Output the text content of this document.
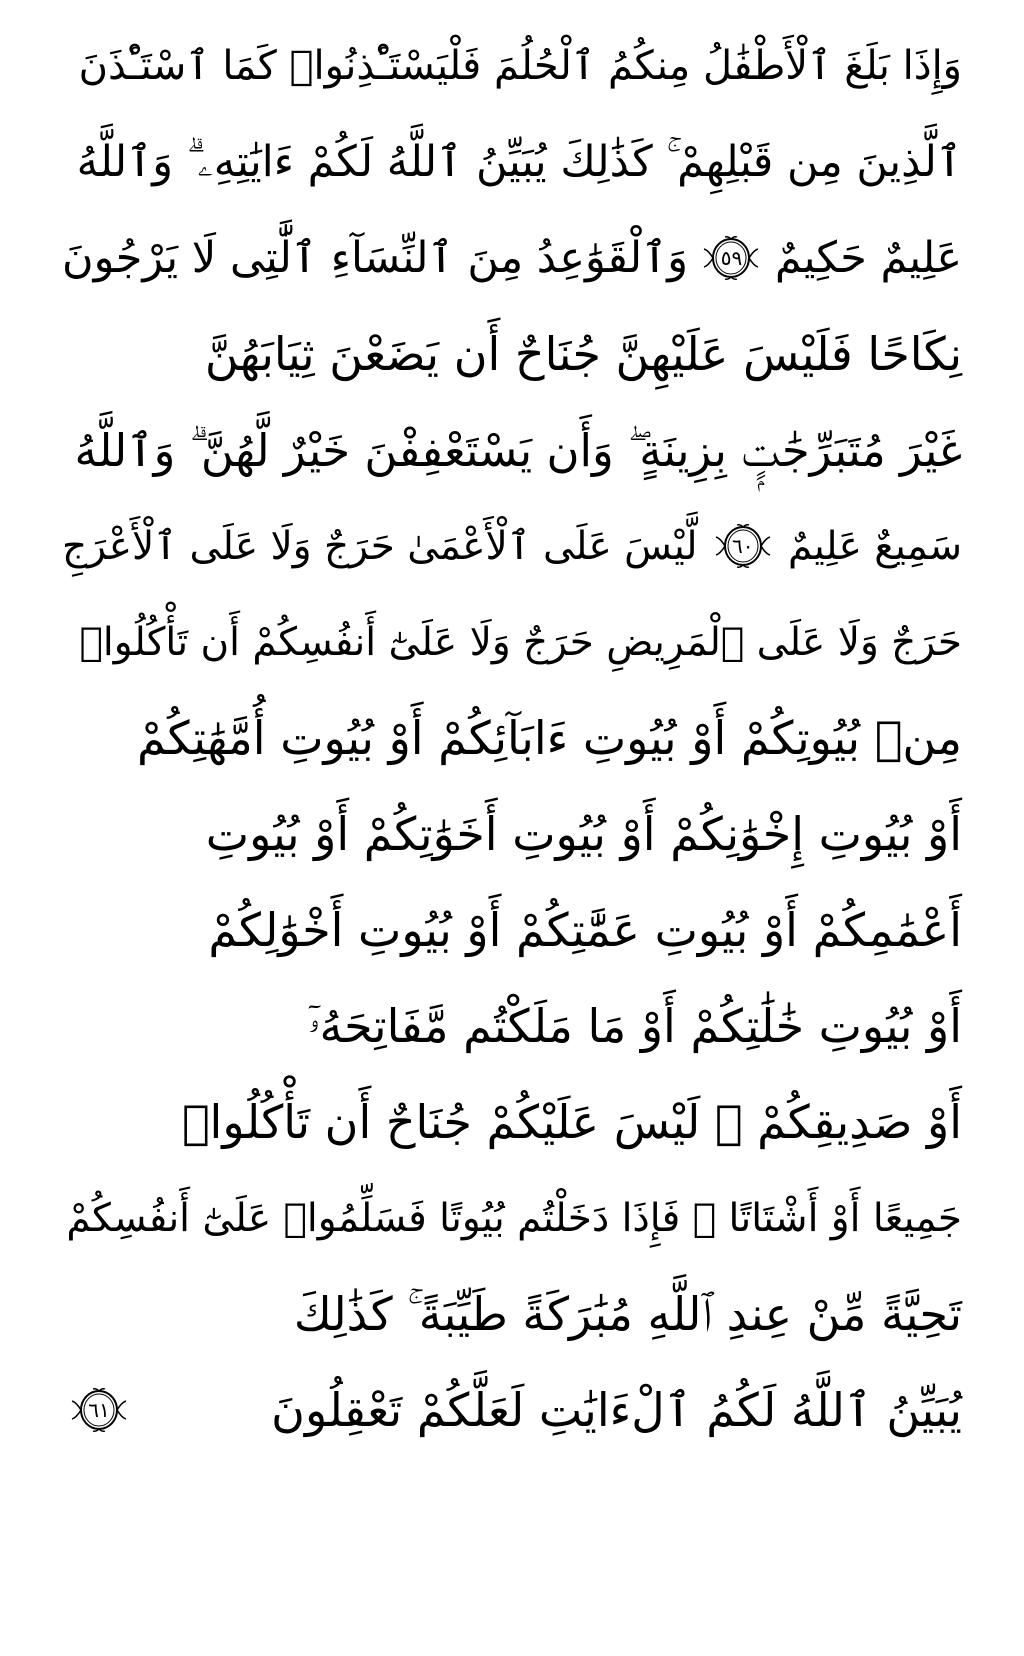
وَإِذَا بَلَغَ ٱلْأَطْفَٰلُ مِنكُمُ ٱلْحُلُمَ فَلْيَسْتَـْٔذِنُوا۟ كَمَا ٱسْتَـْٔذَنَ
ٱلَّذِينَ مِن قَبْلِهِمْ ۚ كَذَٰلِكَ يُبَيِّنُ ٱللَّهُ لَكُمْ ءَايَٰتِهِۦ ۗ وَٱللَّهُ
عَلِيمٌ حَكِيمٌ
٥٩
وَٱلْقَوَٰعِدُ مِنَ ٱلنِّسَآءِ ٱلَّٰتِى لَا يَرْجُونَ
نِكَاحًا فَلَيْسَ عَلَيْهِنَّ جُنَاحٌ أَن يَضَعْنَ ثِيَابَهُنَّ
غَيْرَ مُتَبَرِّجَٰتٍۭ بِزِينَةٍ ۖ وَأَن يَسْتَعْفِفْنَ خَيْرٌ لَّهُنَّ ۗ وَٱللَّهُ
سَمِيعٌ عَلِيمٌ
٦٠
لَّيْسَ عَلَى ٱلْأَعْمَىٰ حَرَجٌ وَلَا عَلَى ٱلْأَعْرَجِ
حَرَجٌ وَلَا عَلَى ٱلْمَرِيضِ حَرَجٌ وَلَا عَلَىٰٓ أَنفُسِكُمْ أَن تَأْكُلُوا۟
مِنۢ بُيُوتِكُمْ أَوْ بُيُوتِ ءَابَآئِكُمْ أَوْ بُيُوتِ أُمَّهَٰتِكُمْ
أَوْ بُيُوتِ إِخْوَٰنِكُمْ أَوْ بُيُوتِ أَخَوَٰتِكُمْ أَوْ بُيُوتِ
أَعْمَٰمِكُمْ أَوْ بُيُوتِ عَمَّٰتِكُمْ أَوْ بُيُوتِ أَخْوَٰلِكُمْ
أَوْ بُيُوتِ خَٰلَٰتِكُمْ أَوْ مَا مَلَكْتُم مَّفَاتِحَهُۥٓ
أَوْ صَدِيقِكُمْ ۚ لَيْسَ عَلَيْكُمْ جُنَاحٌ أَن تَأْكُلُوا۟
جَمِيعًا أَوْ أَشْتَاتًا ۚ فَإِذَا دَخَلْتُم بُيُوتًا فَسَلِّمُوا۟ عَلَىٰٓ أَنفُسِكُمْ
تَحِيَّةً مِّنْ عِندِ ٱللَّهِ مُبَٰرَكَةً طَيِّبَةً ۚ كَذَٰلِكَ
يُبَيِّنُ ٱللَّهُ لَكُمُ ٱلْءَايَٰتِ لَعَلَّكُمْ تَعْقِلُونَ
٦١
